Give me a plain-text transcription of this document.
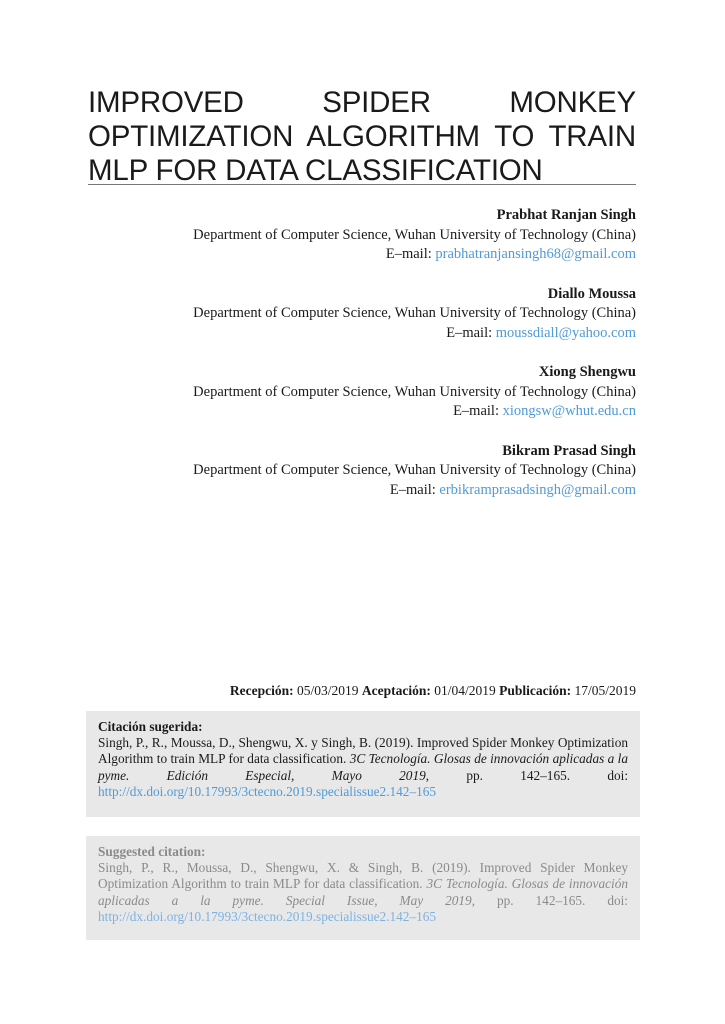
IMPROVED SPIDER MONKEY OPTIMIZATION ALGORITHM TO TRAIN MLP FOR DATA CLASSIFICATION
Prabhat Ranjan Singh
Department of Computer Science, Wuhan University of Technology (China)
E–mail: prabhatranjansingh68@gmail.com
Diallo Moussa
Department of Computer Science, Wuhan University of Technology (China)
E–mail: moussdiall@yahoo.com
Xiong Shengwu
Department of Computer Science, Wuhan University of Technology (China)
E–mail: xiongsw@whut.edu.cn
Bikram Prasad Singh
Department of Computer Science, Wuhan University of Technology (China)
E–mail: erbikramprasadsingh@gmail.com
Recepción: 05/03/2019 Aceptación: 01/04/2019 Publicación: 17/05/2019
Citación sugerida:
Singh, P., R., Moussa, D., Shengwu, X. y Singh, B. (2019). Improved Spider Monkey Optimization Algorithm to train MLP for data classification. 3C Tecnología. Glosas de innovación aplicadas a la pyme. Edición Especial, Mayo 2019, pp. 142–165. doi: http://dx.doi.org/10.17993/3ctecno.2019.specialissue2.142–165
Suggested citation:
Singh, P., R., Moussa, D., Shengwu, X. & Singh, B. (2019). Improved Spider Monkey Optimization Algorithm to train MLP for data classification. 3C Tecnología. Glosas de innovación aplicadas a la pyme. Special Issue, May 2019, pp. 142–165. doi: http://dx.doi.org/10.17993/3ctecno.2019.specialissue2.142–165
